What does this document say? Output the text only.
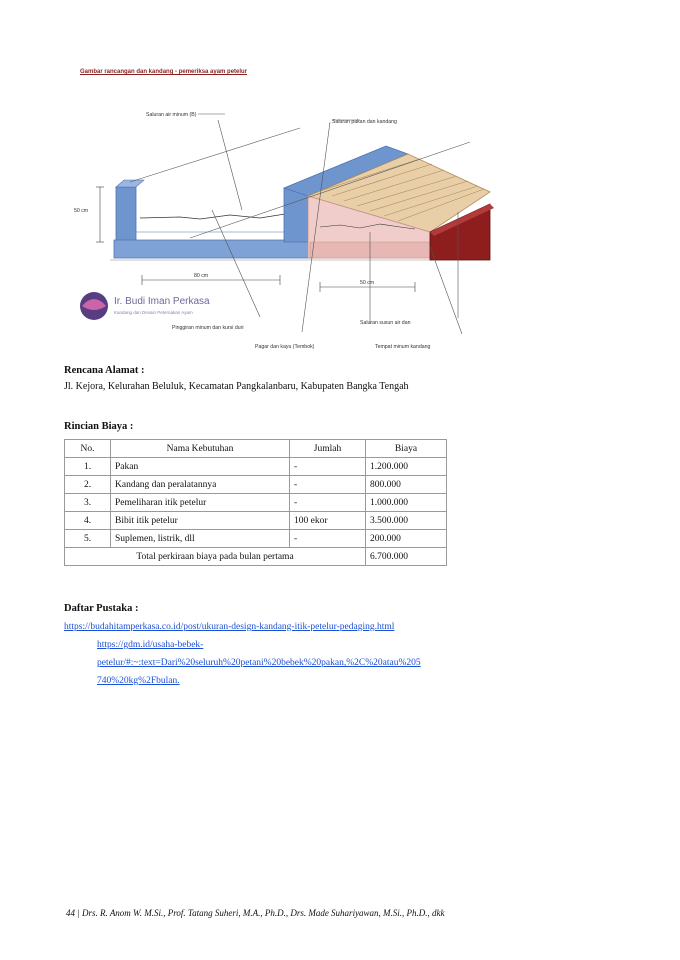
Gambar rancangan dan kandang - pemeriksa ayam petelur
Saluran air minum (B)
Saluran pakan dan kandang
50 cm
80 cm
50 cm
Pinggiran minum dan kursi duri
Pagar dan kayu (Tembok)	Tempat minum kandang
Saluran susun air dan
Ir. Budi Iman Perkasa
Kandang dan Desain Peternakan Ayam
Rencana Alamat :
Jl. Kejora, Kelurahan Beluluk, Kecamatan Pangkalanbaru, Kabupaten Bangka Tengah
Rincian Biaya :
No.	Nama Kebutuhan	Jumlah	Biaya
1.	Pakan	-	1.200.000
2.	Kandang dan peralatannya	-	800.000
3.	Pemeliharan itik petelur	-	1.000.000
4.	Bibit itik petelur	100 ekor	3.500.000
5.	Suplemen, listrik, dll	-	200.000
Total perkiraan biaya pada bulan pertama			6.700.000
Daftar Pustaka :
https://budahitamperkasa.co.id/post/ukuran-design-kandang-itik-petelur-pedaging.html
https://gdm.id/usaha-bebek-
petelur/#:~:text=Dari%20seluruh%20petani%20bebek%20pakan,%2C%20atau%205
740%20kg%2Fbulan.
44 | Drs. R. Anom W. M.Si., Prof. Tatang Suheri, M.A., Ph.D., Drs. Made Suhariyawan, M.Si., Ph.D., dkk
